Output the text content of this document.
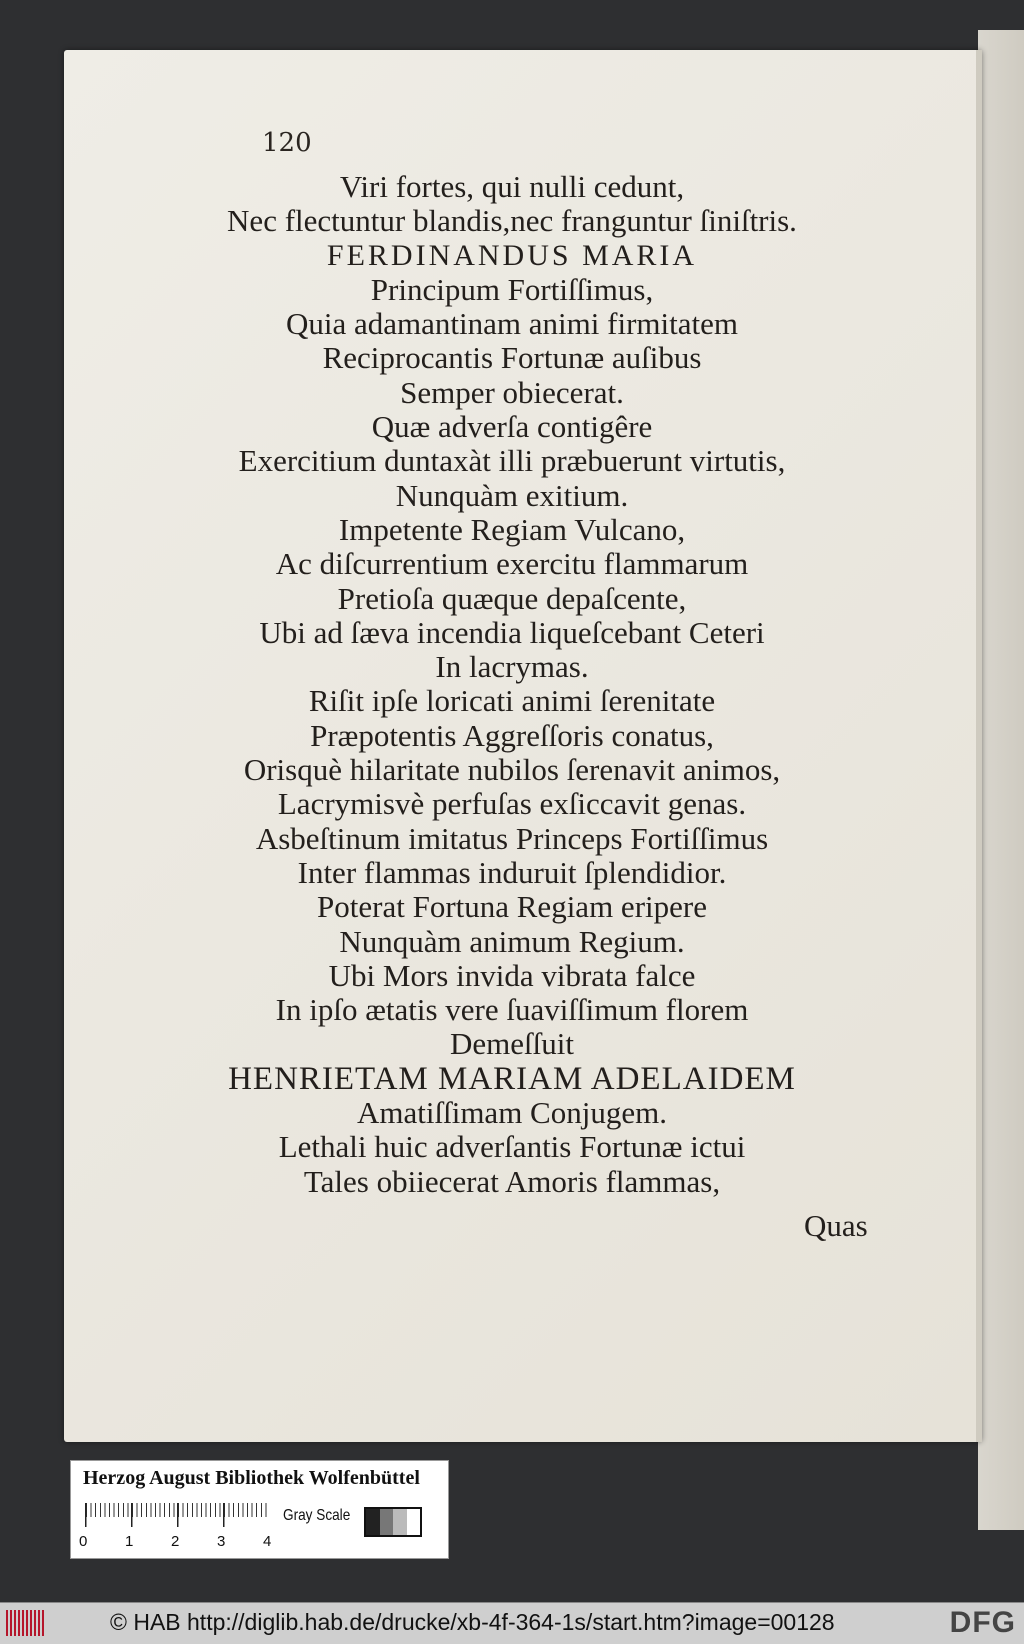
120
Viri fortes, qui nulli cedunt,
Nec flectuntur blandis,nec franguntur ſiniſtris.
FERDINANDUS MARIA
Principum Fortiſſimus,
Quia adamantinam animi firmitatem
Reciprocantis Fortunæ auſibus
Semper obiecerat.
Quæ adverſa contigêre
Exercitium duntaxàt illi præbuerunt virtutis,
Nunquàm exitium.
Impetente Regiam Vulcano,
Ac diſcurrentium exercitu flammarum
Pretioſa quæque depaſcente,
Ubi ad ſæva incendia liqueſcebant Ceteri
In lacrymas.
Riſit ipſe loricati animi ſerenitate
Præpotentis Aggreſſoris conatus,
Orisquè hilaritate nubilos ſerenavit animos,
Lacrymisvè perfuſas exſiccavit genas.
Asbeſtinum imitatus Princeps Fortiſſimus
Inter flammas induruit ſplendidior.
Poterat Fortuna Regiam eripere
Nunquàm animum Regium.
Ubi Mors invida vibrata falce
In ipſo ætatis vere ſuaviſſimum florem
Demeſſuit
HENRIETAM MARIAM ADELAIDEM
Amatiſſimam Conjugem.
Lethali huic adverſantis Fortunæ ictui
Tales obiiecerat Amoris flammas,
Quas
Herzog August Bibliothek Wolfenbüttel
0	1	2	3	4
Gray Scale
© HAB http://diglib.hab.de/drucke/xb-4f-364-1s/start.htm?image=00128	DFG
